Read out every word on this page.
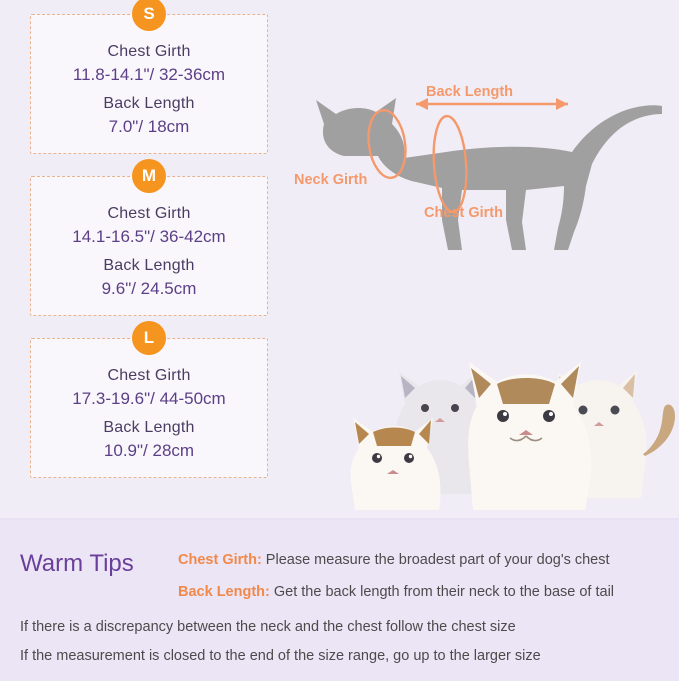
S
Chest Girth
11.8-14.1"/ 32-36cm
Back Length
7.0"/ 18cm
M
Chest Girth
14.1-16.5"/ 36-42cm
Back Length
9.6"/ 24.5cm
L
Chest Girth
17.3-19.6"/ 44-50cm
Back Length
10.9"/ 28cm
Back Length
Neck Girth
Chest Girth
Warm Tips	Chest Girth: Please measure the broadest part of your dog's chest
Back Length: Get the back length from their neck to the base of tail
If there is a discrepancy between the neck and the chest follow the chest size
If the measurement is closed to the end of the size range, go up to the larger size
